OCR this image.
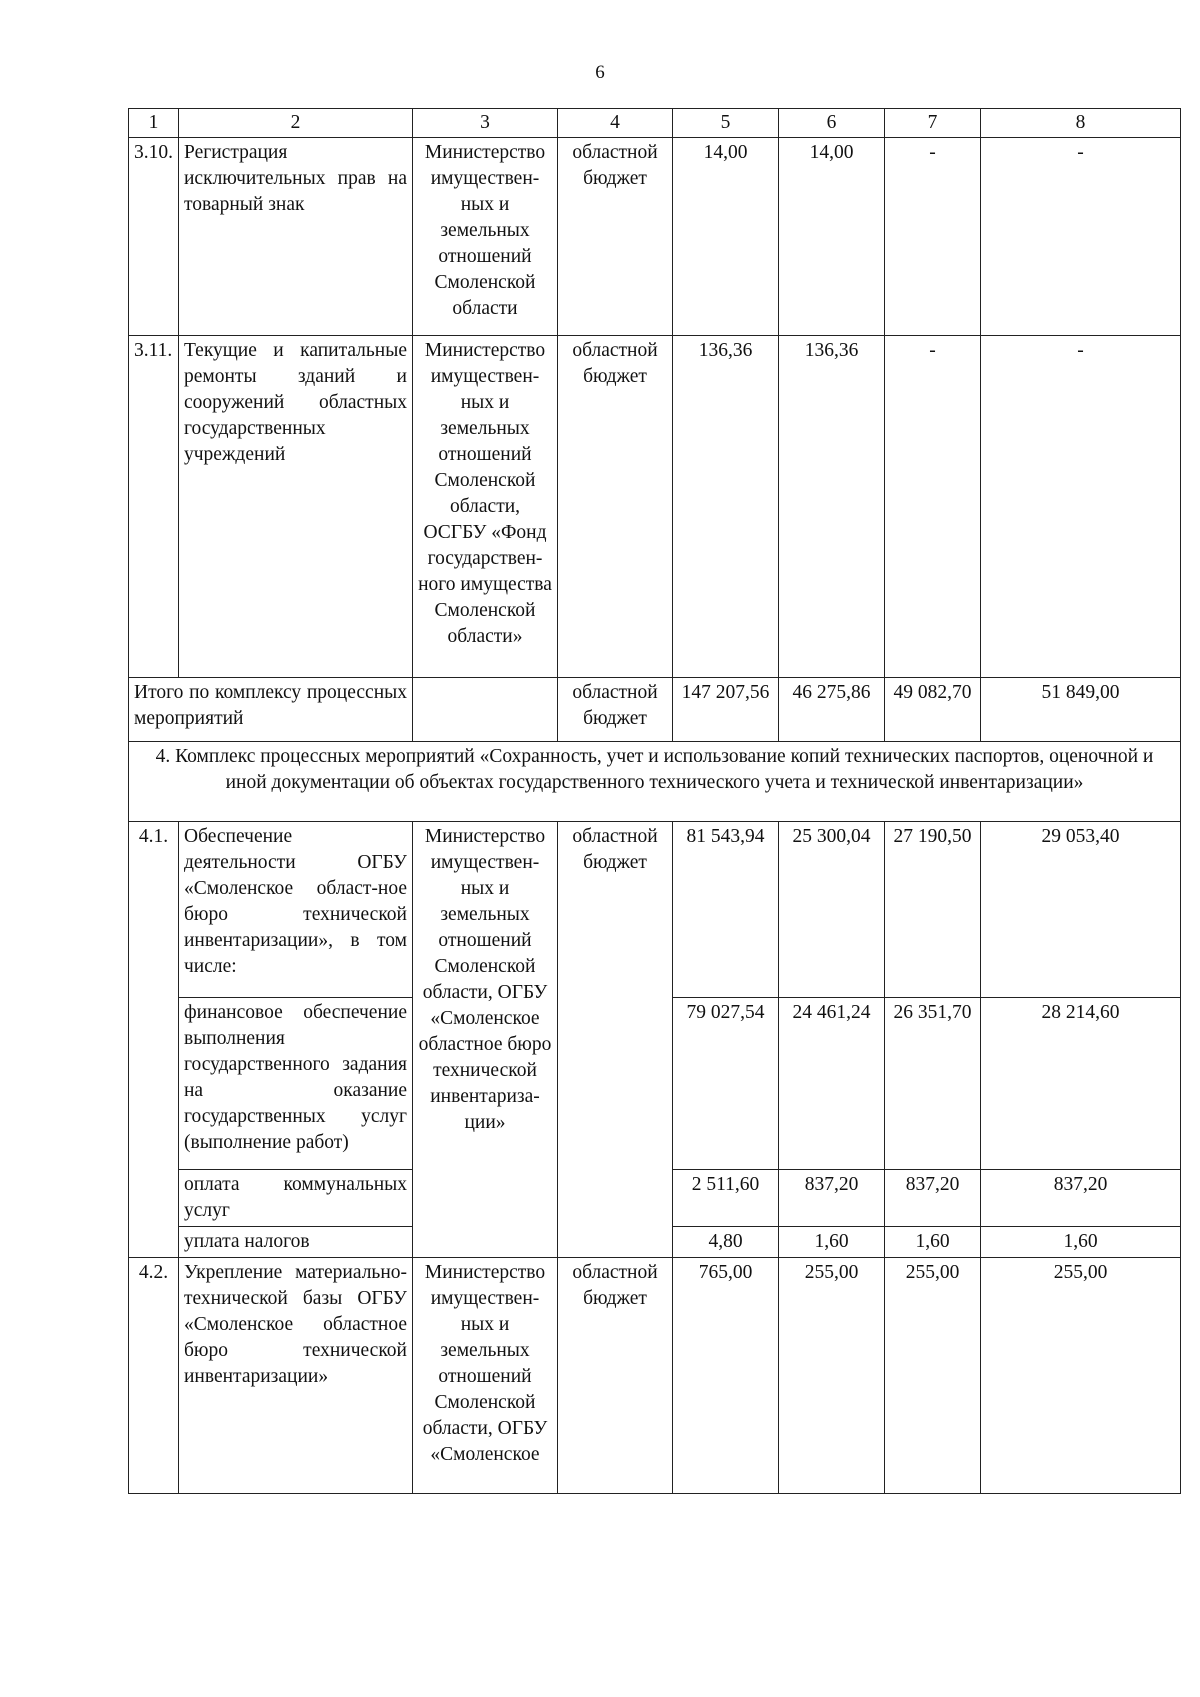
6
1	2	3	4	5	6	7	8
3.10.	Регистрация исключительных прав на товарный знак	Министерство имуществен-ных и земельных отношений Смоленской области	областной бюджет	14,00	14,00	-	-
3.11.	Текущие и капитальные ремонты зданий и сооружений областных государственных учреждений	Министерство имуществен-ных и земельных отношений Смоленской области, ОСГБУ «Фонд государствен-ного имущества Смоленской области»	областной бюджет	136,36	136,36	-	-
Итого по комплексу процессных мероприятий			областной бюджет	147 207,56	46 275,86	49 082,70	51 849,00
4. Комплекс процессных мероприятий «Сохранность, учет и использование копий технических паспортов, оценочной и иной документации об объектах государственного технического учета и технической инвентаризации»							
4.1.	Обеспечение деятельности ОГБУ «Смоленское област-ное бюро технической инвентаризации», в том числе:	Министерство имуществен-ных и земельных отношений Смоленской области, ОГБУ «Смоленское областное бюро технической инвентариза-ции»	областной бюджет	81 543,94	25 300,04	27 190,50	29 053,40
	финансовое обеспечение выполнения государственного задания на оказание государственных услуг (выполнение работ)			79 027,54	24 461,24	26 351,70	28 214,60
	оплата коммунальных услуг			2 511,60	837,20	837,20	837,20
	уплата налогов			4,80	1,60	1,60	1,60
4.2.	Укрепление материально-технической базы ОГБУ «Смоленское областное бюро технической инвентаризации»	Министерство имуществен-ных и земельных отношений Смоленской области, ОГБУ «Смоленское	областной бюджет	765,00	255,00	255,00	255,00
